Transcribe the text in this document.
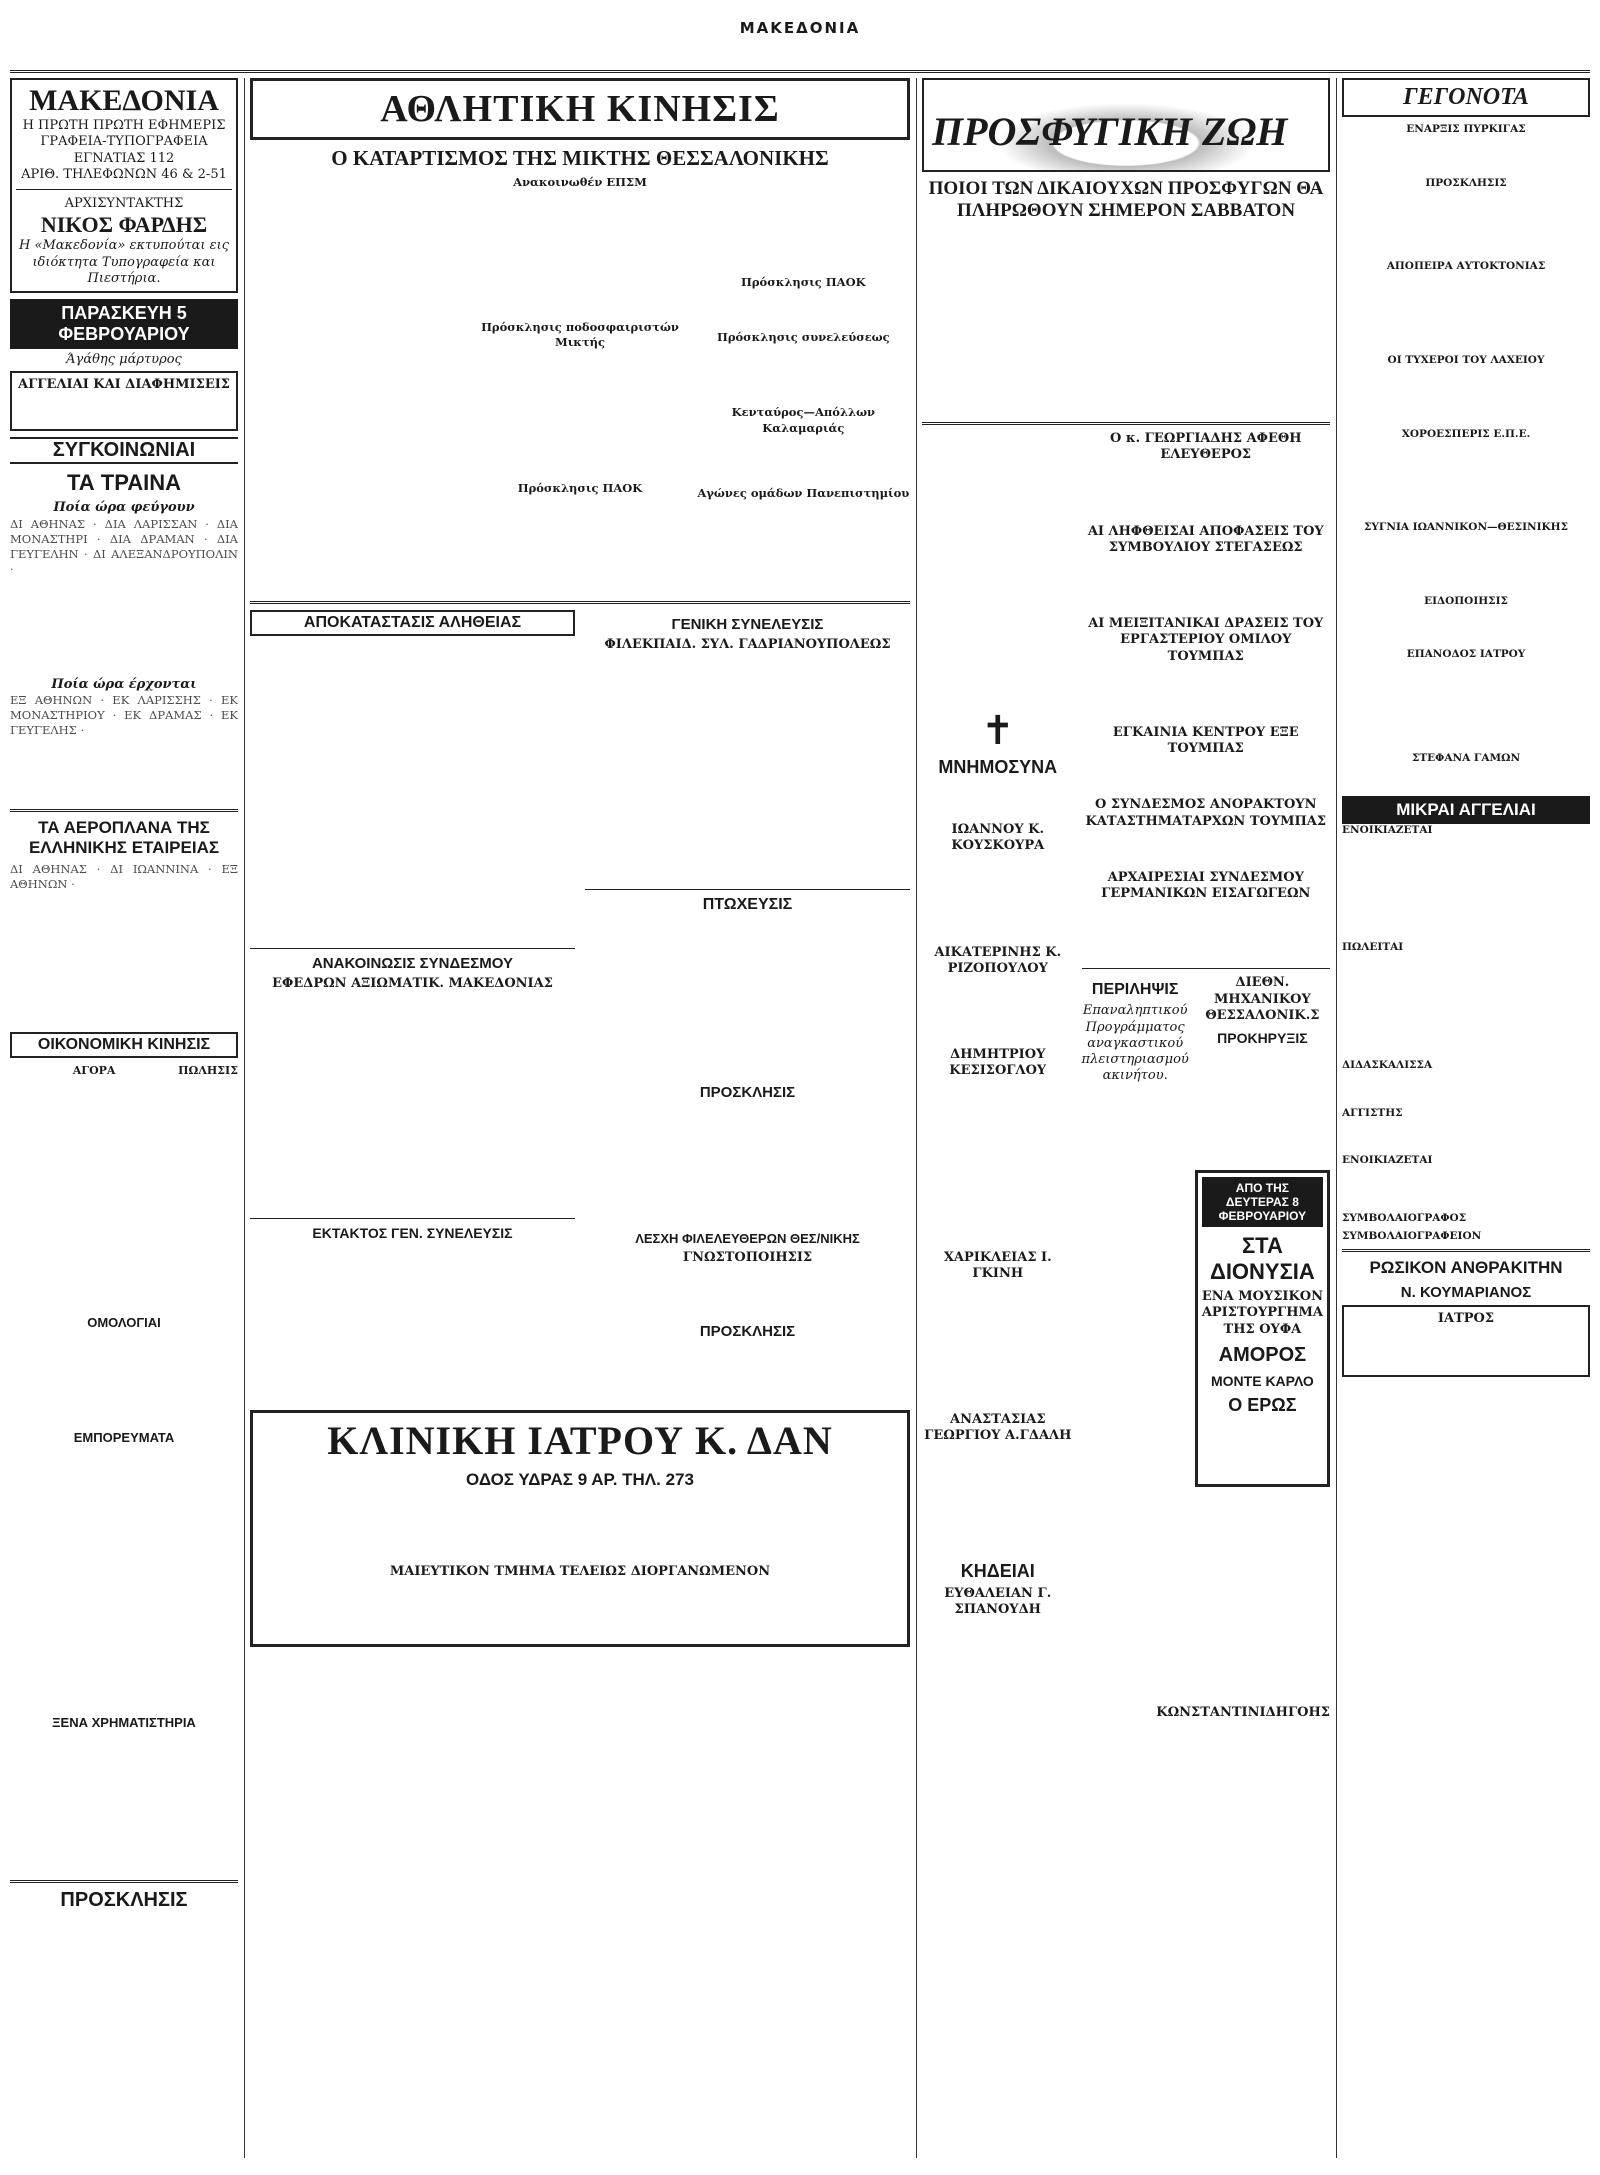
ΜΑΚΕΔΟΝΙΑ
ΜΑΚΕΔΟΝΙΑ
Η ΠΡΩΤΗ ΠΡΩΤΗ ΕΦΗΜΕΡΙΣ
ΓΡΑΦΕΙΑ-ΤΥΠΟΓΡΑΦΕΙΑ ΕΓΝΑΤΙΑΣ 112
ΑΡΙΘ. ΤΗΛΕΦΩΝΩΝ 46 & 2-51
ΑΡΧΙΣΥΝΤΑΚΤΗΣ
ΝΙΚΟΣ ΦΑΡΔΗΣ
Η «Μακεδονία» εκτυπούται εις ιδιόκτητα Τυπογραφεία και Πιεστήρια.
ΠΑΡΑΣΚΕΥΗ 5 ΦΕΒΡΟΥΑΡΙΟΥ
Άγάθης μάρτυρος
ΑΓΓΕΛΙΑΙ ΚΑΙ ΔΙΑΦΗΜΙΣΕΙΣ
ΣΥΓΚΟΙΝΩΝΙΑΙ
ΤΑ ΤΡΑΙΝΑ
Ποία ώρα φεύγουν
ΔΙ ΑΘΗΝΑΣ · ΔΙΑ ΛΑΡΙΣΣΑΝ · ΔΙΑ ΜΟΝΑΣΤΗΡΙ · ΔΙΑ ΔΡΑΜΑΝ · ΔΙΑ ΓΕΥΓΕΛΗΝ · ΔΙ ΑΛΕΞΑΝΔΡΟΥΠΟΛΙΝ ·
Ποία ώρα έρχονται
ΕΞ ΑΘΗΝΩΝ · ΕΚ ΛΑΡΙΣΣΗΣ · ΕΚ ΜΟΝΑΣΤΗΡΙΟΥ · ΕΚ ΔΡΑΜΑΣ · ΕΚ ΓΕΥΓΕΛΗΣ ·
ΤΑ ΑΕΡΟΠΛΑΝΑ ΤΗΣ ΕΛΛΗΝΙΚΗΣ ΕΤΑΙΡΕΙΑΣ
ΔΙ ΑΘΗΝΑΣ · ΔΙ ΙΩΑΝΝΙΝΑ · ΕΞ ΑΘΗΝΩΝ ·
ΟΙΚΟΝΟΜΙΚΗ ΚΙΝΗΣΙΣ
ΑΓΟΡΑ	ΠΩΛΗΣΙΣ
ΟΜΟΛΟΓΙΑΙ
ΕΜΠΟΡΕΥΜΑΤΑ
ΞΕΝΑ ΧΡΗΜΑΤΙΣΤΗΡΙΑ
ΠΡΟΣΚΛΗΣΙΣ
ΑΘΛΗΤΙΚΗ ΚΙΝΗΣΙΣ
Ο ΚΑΤΑΡΤΙΣΜΟΣ ΤΗΣ ΜΙΚΤΗΣ ΘΕΣΣΑΛΟΝΙΚΗΣ
Ανακοινωθέν ΕΠΣΜ
Πρόσκλησις ποδοσφαιριστών Μικτής
Πρόσκλησις ΠΑΟΚ
Πρόσκλησις ΠΑΟΚ
Πρόσκλησις συνελεύσεως
Κενταύρος—Απόλλων Καλαμαριάς
Αγώνες ομάδων Πανεπιστημίου
ΑΠΟΚΑΤΑΣΤΑΣΙΣ ΑΛΗΘΕΙΑΣ
ΑΝΑΚΟΙΝΩΣΙΣ ΣΥΝΔΕΣΜΟΥ
ΕΦΕΔΡΩΝ ΑΞΙΩΜΑΤΙΚ. ΜΑΚΕΔΟΝΙΑΣ
ΕΚΤΑΚΤΟΣ ΓΕΝ. ΣΥΝΕΛΕΥΣΙΣ
ΓΕΝΙΚΗ ΣΥΝΕΛΕΥΣΙΣ
ΦΙΛΕΚΠΑΙΔ. ΣΥΛ. ΓΑΔΡΙΑΝΟΥΠΟΛΕΩΣ
ΠΤΩΧΕΥΣΙΣ
ΠΡΟΣΚΛΗΣΙΣ
ΛΕΣΧΗ ΦΙΛΕΛΕΥΘΕΡΩΝ ΘΕΣ/ΝΙΚΗΣ
ΓΝΩΣΤΟΠΟΙΗΣΙΣ
ΠΡΟΣΚΛΗΣΙΣ
ΚΛΙΝΙΚΗ ΙΑΤΡΟΥ Κ. ΔΑΝ
ΟΔΟΣ ΥΔΡΑΣ 9 ΑΡ. ΤΗΛ. 273
ΜΑΙΕΥΤΙΚΟΝ ΤΜΗΜΑ ΤΕΛΕΙΩΣ ΔΙΟΡΓΑΝΩΜΕΝΟΝ
ΠΡΟΣΦΥΓΙΚΗ ΖΩΗ
ΠΟΙΟΙ ΤΩΝ ΔΙΚΑΙΟΥΧΩΝ ΠΡΟΣΦΥΓΩΝ ΘΑ ΠΛΗΡΩΘΟΥΝ ΣΗΜΕΡΟΝ ΣΑΒΒΑΤΟΝ
✝
ΜΝΗΜΟΣΥΝΑ
ΙΩΑΝΝΟΥ Κ. ΚΟΥΣΚΟΥΡΑ
ΑΙΚΑΤΕΡΙΝΗΣ Κ. ΡΙΖΟΠΟΥΛΟΥ
ΔΗΜΗΤΡΙΟΥ ΚΕΣΙΣΟΓΛΟΥ
ΧΑΡΙΚΛΕΙΑΣ Ι. ΓΚΙΝΗ
ΑΝΑΣΤΑΣΙΑΣ ΓΕΩΡΓΙΟΥ Α.ΓΔΑΛΗ
ΚΗΔΕΙΑΙ
ΕΥΘΑΛΕΙΑΝ Γ. ΣΠΑΝΟΥΔΗ
Ο κ. ΓΕΩΡΓΙΑΔΗΣ ΑΦΕΘΗ ΕΛΕΥΘΕΡΟΣ
ΑΙ ΛΗΦΘΕΙΣΑΙ ΑΠΟΦΑΣΕΙΣ ΤΟΥ ΣΥΜΒΟΥΛΙΟΥ ΣΤΕΓΑΣΕΩΣ
ΑΙ ΜΕΙΞΙΤΑΝΙΚΑΙ ΔΡΑΣΕΙΣ ΤΟΥ ΕΡΓΑΣΤΕΡΙΟΥ ΟΜΙΛΟΥ ΤΟΥΜΠΑΣ
ΕΓΚΑΙΝΙΑ ΚΕΝΤΡΟΥ ΕΞΕ ΤΟΥΜΠΑΣ
Ο ΣΥΝΔΕΣΜΟΣ ΑΝΟΡΑΚΤΟΥΝ ΚΑΤΑΣΤΗΜΑΤΑΡΧΩΝ ΤΟΥΜΠΑΣ
ΑΡΧΑΙΡΕΣΙΑΙ ΣΥΝΔΕΣΜΟΥ ΓΕΡΜΑΝΙΚΩΝ ΕΙΣΑΓΩΓΕΩΝ
ΠΕΡΙΛΗΨΙΣ
Επαναληπτικού Προγράμματος αναγκαστικού πλειστηριασμού ακινήτου.
ΔΙΕΘΝ. ΜΗΧΑΝΙΚΟΥ ΘΕΣΣΑΛΟΝΙΚ.Σ
ΠΡΟΚΗΡΥΞΙΣ
ΑΠΟ ΤΗΣ ΔΕΥΤΕΡΑΣ 8 ΦΕΒΡΟΥΑΡΙΟΥ
ΣΤΑ ΔΙΟΝΥΣΙΑ
ΕΝΑ ΜΟΥΣΙΚΟΝ ΑΡΙΣΤΟΥΡΓΗΜΑ ΤΗΣ ΟΥΦΑ
ΑΜΟΡΟΣ
ΜΟΝΤΕ ΚΑΡΛΟ
Ο ΕΡΩΣ
ΚΩΝΣΤΑΝΤΙΝΙΔΗΓΟΗΣ
ΓΕΓΟΝΟΤΑ
ΕΝΑΡΞΙΣ ΠΥΡΚΙΓΑΣ
ΠΡΟΣΚΛΗΣΙΣ
ΑΠΟΠΕΙΡΑ ΑΥΤΟΚΤΟΝΙΑΣ
ΟΙ ΤΥΧΕΡΟΙ ΤΟΥ ΛΑΧΕΙΟΥ
ΧΟΡΟΕΣΠΕΡΙΣ Ε.Π.Ε.
ΣΥΓΝΙΑ ΙΩΑΝΝΙΚΟΝ—ΘΕΣΙΝΙΚΗΣ
ΕΙΔΟΠΟΙΗΣΙΣ
ΕΠΑΝΟΔΟΣ ΙΑΤΡΟΥ
ΣΤΕΦΑΝΑ ΓΑΜΩΝ
ΜΙΚΡΑΙ ΑΓΓΕΛΙΑΙ

ΕΝΟΙΚΙΑΖΕΤΑΙ

ΠΩΛΕΙΤΑΙ

ΔΙΔΑΣΚΑΛΙΣΣΑ

ΑΓΓΙΣΤΗΣ

ΕΝΟΙΚΙΑΖΕΤΑΙ

ΣΥΜΒΟΛΑΙΟΓΡΑΦΟΣ

ΣΥΜΒΟΛΑΙΟΓΡΑΦΕΙΟΝ

ΡΩΣΙΚΟΝ ΑΝΘΡΑΚΙΤΗΝ
Ν. ΚΟΥΜΑΡΙΑΝΟΣ
ΙΑΤΡΟΣ
